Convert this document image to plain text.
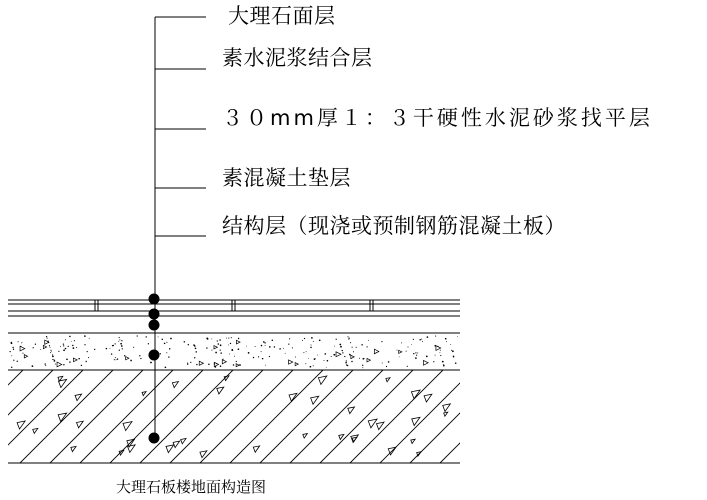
大理石面层
素水泥浆结合层
３０mm厚１：３干硬性水泥砂浆找平层
素混凝土垫层
结构层（现浇或预制钢筋混凝土板）
大理石板楼地面构造图
